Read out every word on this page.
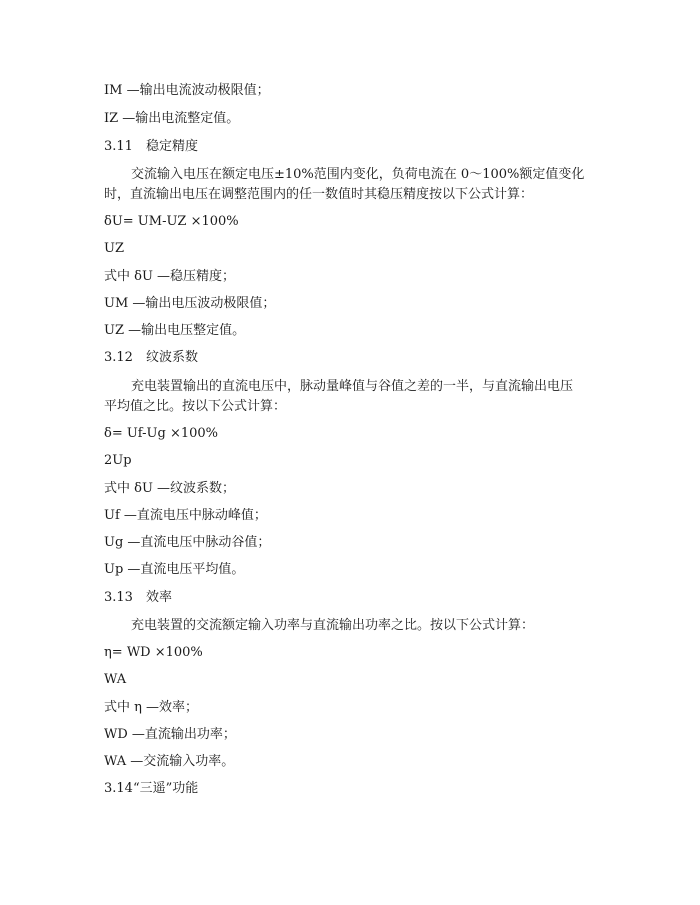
IM —输出电流波动极限值；
IZ —输出电流整定值。
3.11 稳定精度
交流输入电压在额定电压±10%范围内变化，负荷电流在 0～100%额定值变化
时，直流输出电压在调整范围内的任一数值时其稳压精度按以下公式计算：
δU= UM-UZ ×100%
UZ
式中 δU —稳压精度；
UM —输出电压波动极限值；
UZ —输出电压整定值。
3.12 纹波系数
充电装置输出的直流电压中，脉动量峰值与谷值之差的一半，与直流输出电压
平均值之比。按以下公式计算：
δ= Uf-Ug ×100%
2Up
式中 δU —纹波系数；
Uf —直流电压中脉动峰值；
Ug —直流电压中脉动谷值；
Up —直流电压平均值。
3.13 效率
充电装置的交流额定输入功率与直流输出功率之比。按以下公式计算：
η= WD ×100%
WA
式中 η —效率；
WD —直流输出功率；
WA —交流输入功率。
3.14“三遥”功能
